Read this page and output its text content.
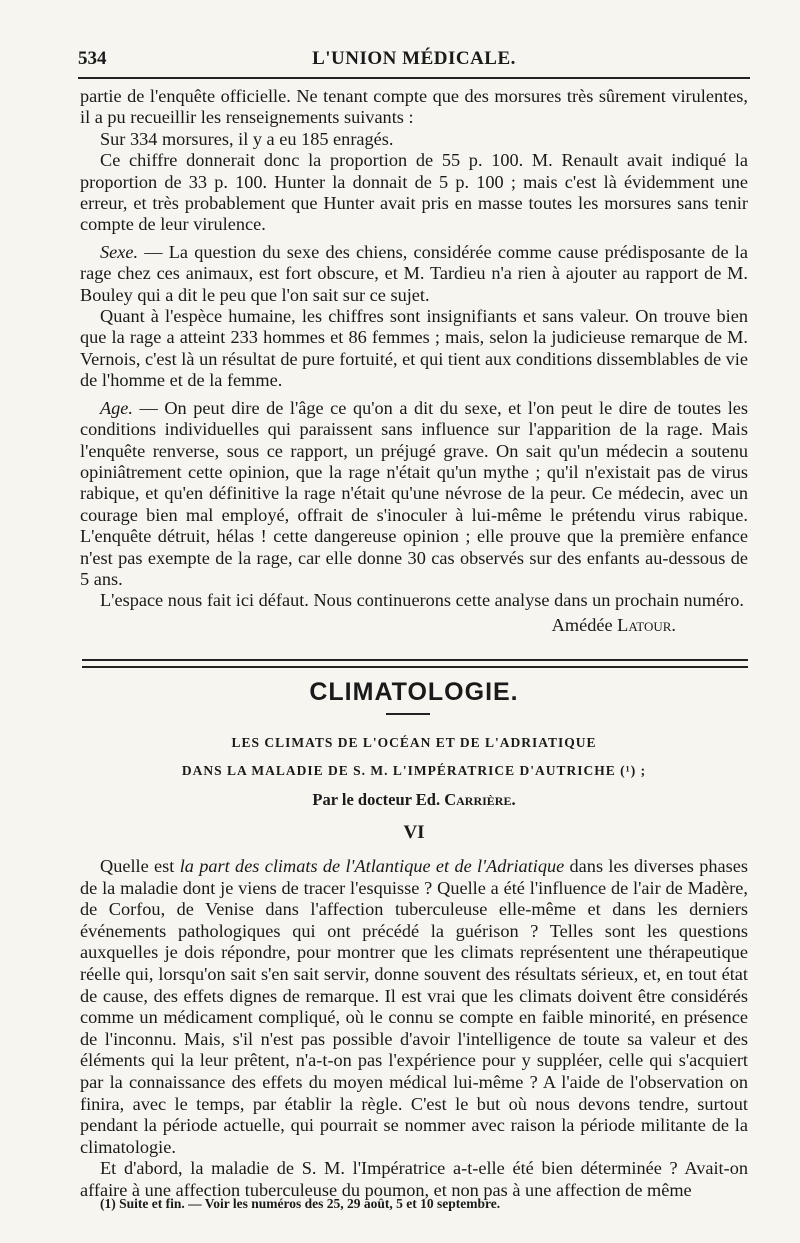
534	L'UNION MÉDICALE.

partie de l'enquête officielle. Ne tenant compte que des morsures très sûrement virulentes, il a pu recueillir les renseignements suivants :

Sur 334 morsures, il y a eu 185 enragés.

Ce chiffre donnerait donc la proportion de 55 p. 100. M. Renault avait indiqué la proportion de 33 p. 100. Hunter la donnait de 5 p. 100 ; mais c'est là évidemment une erreur, et très probablement que Hunter avait pris en masse toutes les morsures sans tenir compte de leur virulence.

Sexe. — La question du sexe des chiens, considérée comme cause prédisposante de la rage chez ces animaux, est fort obscure, et M. Tardieu n'a rien à ajouter au rapport de M. Bouley qui a dit le peu que l'on sait sur ce sujet.

Quant à l'espèce humaine, les chiffres sont insignifiants et sans valeur. On trouve bien que la rage a atteint 233 hommes et 86 femmes ; mais, selon la judicieuse remarque de M. Vernois, c'est là un résultat de pure fortuité, et qui tient aux conditions dissemblables de vie de l'homme et de la femme.

Age. — On peut dire de l'âge ce qu'on a dit du sexe, et l'on peut le dire de toutes les conditions individuelles qui paraissent sans influence sur l'apparition de la rage. Mais l'enquête renverse, sous ce rapport, un préjugé grave. On sait qu'un médecin a soutenu opiniâtrement cette opinion, que la rage n'était qu'un mythe ; qu'il n'existait pas de virus rabique, et qu'en définitive la rage n'était qu'une névrose de la peur. Ce médecin, avec un courage bien mal employé, offrait de s'inoculer à lui-même le prétendu virus rabique. L'enquête détruit, hélas ! cette dangereuse opinion ; elle prouve que la première enfance n'est pas exempte de la rage, car elle donne 30 cas observés sur des enfants au-dessous de 5 ans.

L'espace nous fait ici défaut. Nous continuerons cette analyse dans un prochain numéro.

Amédée Latour.

CLIMATOLOGIE.
LES CLIMATS DE L'OCÉAN ET DE L'ADRIATIQUE
DANS LA MALADIE DE S. M. L'IMPÉRATRICE D'AUTRICHE (¹) ;
Par le docteur Ed. Carrière.
VI

Quelle est la part des climats de l'Atlantique et de l'Adriatique dans les diverses phases de la maladie dont je viens de tracer l'esquisse ? Quelle a été l'influence de l'air de Madère, de Corfou, de Venise dans l'affection tuberculeuse elle-même et dans les derniers événements pathologiques qui ont précédé la guérison ? Telles sont les questions auxquelles je dois répondre, pour montrer que les climats représentent une thérapeutique réelle qui, lorsqu'on sait s'en sait servir, donne souvent des résultats sérieux, et, en tout état de cause, des effets dignes de remarque. Il est vrai que les climats doivent être considérés comme un médicament compliqué, où le connu se compte en faible minorité, en présence de l'inconnu. Mais, s'il n'est pas possible d'avoir l'intelligence de toute sa valeur et des éléments qui la leur prêtent, n'a-t-on pas l'expérience pour y suppléer, celle qui s'acquiert par la connaissance des effets du moyen médical lui-même ? A l'aide de l'observation on finira, avec le temps, par établir la règle. C'est le but où nous devons tendre, surtout pendant la période actuelle, qui pourrait se nommer avec raison la période militante de la climatologie.

Et d'abord, la maladie de S. M. l'Impératrice a-t-elle été bien déterminée ? Avait-on affaire à une affection tuberculeuse du poumon, et non pas à une affection de même

(1) Suite et fin. — Voir les numéros des 25, 29 août, 5 et 10 septembre.
